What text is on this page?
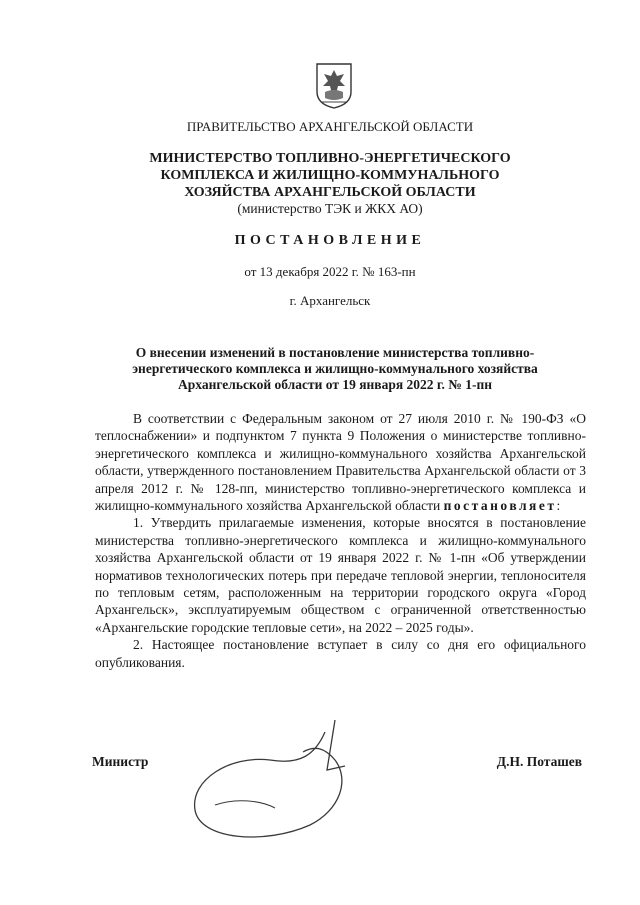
ПРАВИТЕЛЬСТВО АРХАНГЕЛЬСКОЙ ОБЛАСТИ
МИНИСТЕРСТВО ТОПЛИВНО-ЭНЕРГЕТИЧЕСКОГО
КОМПЛЕКСА И ЖИЛИЩНО-КОММУНАЛЬНОГО
ХОЗЯЙСТВА АРХАНГЕЛЬСКОЙ ОБЛАСТИ
(министерство ТЭК и ЖКХ АО)
ПОСТАНОВЛЕНИЕ
от 13 декабря 2022 г. № 163-пн
г. Архангельск
О внесении изменений в постановление министерства топливно-
энергетического комплекса и жилищно-коммунального хозяйства
Архангельской области от 19 января 2022 г. № 1-пн

В соответствии с Федеральным законом от 27 июля 2010 г. № 190-ФЗ «О теплоснабжении» и подпунктом 7 пункта 9 Положения о министерстве топливно-энергетического комплекса и жилищно-коммунального хозяйства Архангельской области, утвержденного постановлением Правительства Архангельской области от 3 апреля 2012 г. № 128-пп, министерство топливно-энергетического комплекса и жилищно-коммунального хозяйства Архангельской области постановляет:

1. Утвердить прилагаемые изменения, которые вносятся в постановление министерства топливно-энергетического комплекса и жилищно-коммунального хозяйства Архангельской области от 19 января 2022 г. № 1-пн «Об утверждении нормативов технологических потерь при передаче тепловой энергии, теплоносителя по тепловым сетям, расположенным на территории городского округа «Город Архангельск», эксплуатируемым обществом с ограниченной ответственностью «Архангельские городские тепловые сети», на 2022 – 2025 годы».

2. Настоящее постановление вступает в силу со дня его официального опубликования.

Министр	Д.Н. Поташев
